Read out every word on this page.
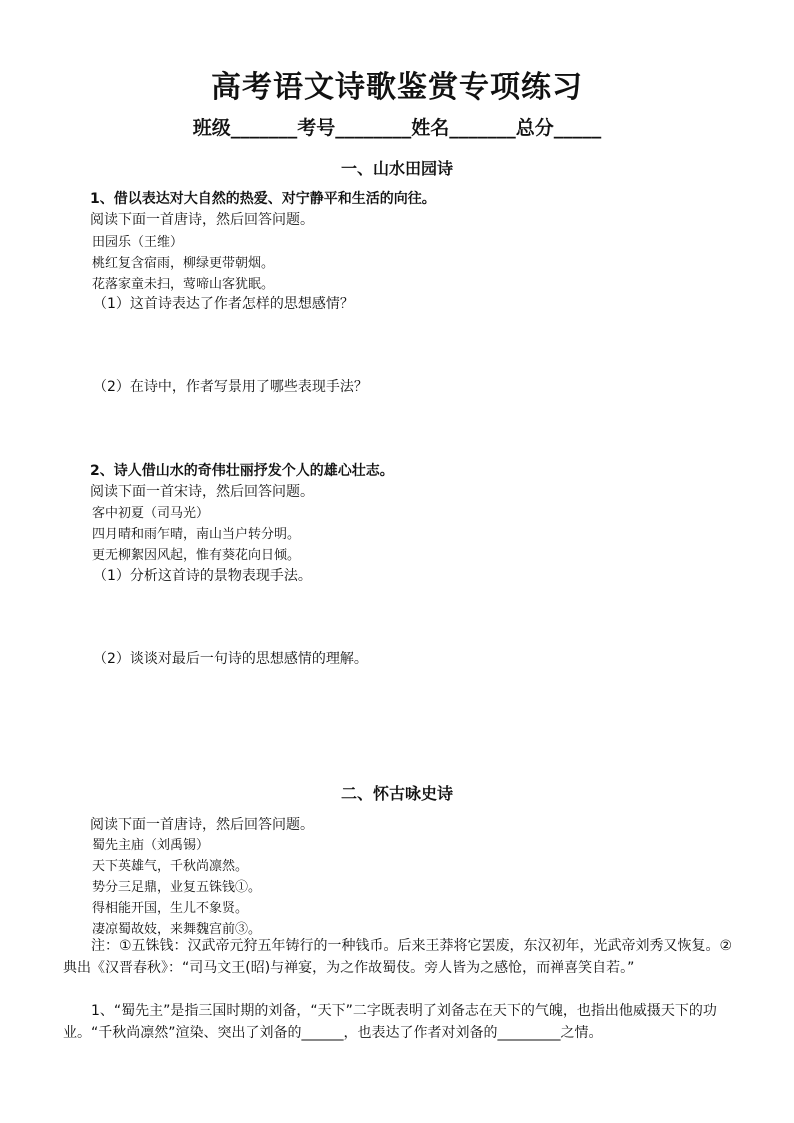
高考语文诗歌鉴赏专项练习
班级_______考号________姓名_______总分_____
一、山水田园诗
1、借以表达对大自然的热爱、对宁静平和生活的向往。
阅读下面一首唐诗，然后回答问题。
田园乐（王维）
桃红复含宿雨，柳绿更带朝烟。
花落家童未扫，莺啼山客犹眠。
（1）这首诗表达了作者怎样的思想感情？
（2）在诗中，作者写景用了哪些表现手法？
2、诗人借山水的奇伟壮丽抒发个人的雄心壮志。
阅读下面一首宋诗，然后回答问题。
客中初夏（司马光）
四月晴和雨乍晴，南山当户转分明。
更无柳絮因风起，惟有葵花向日倾。
（1）分析这首诗的景物表现手法。
（2）谈谈对最后一句诗的思想感情的理解。
二、怀古咏史诗
阅读下面一首唐诗，然后回答问题。
蜀先主庙（刘禹锡）
天下英雄气，千秋尚凛然。
势分三足鼎，业复五铢钱①。
得相能开国，生儿不象贤。
凄凉蜀故妓，来舞魏宫前③。
注：①五铢钱：汉武帝元狩五年铸行的一种钱币。后来王莽将它罢废，东汉初年，光武帝刘秀又恢复。②典出《汉晋春秋》：“司马文王(昭)与禅宴，为之作故蜀伎。旁人皆为之感怆，而禅喜笑自若。”
1、“蜀先主”是指三国时期的刘备，“天下”二字既表明了刘备志在天下的气魄，也指出他威摄天下的功业。“千秋尚凛然”渲染、突出了刘备的______，也表达了作者对刘备的_________之情。
